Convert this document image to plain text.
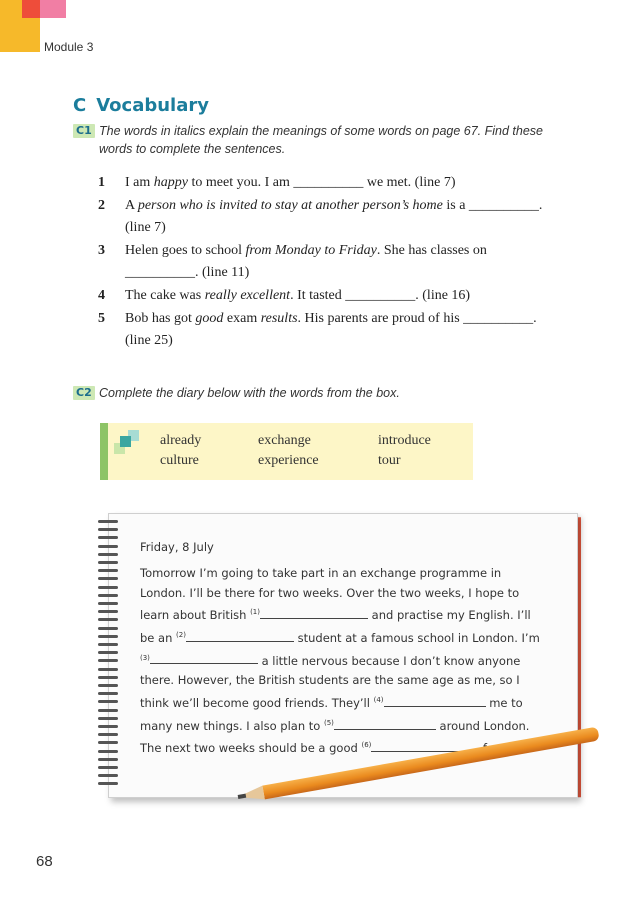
Module 3
C Vocabulary
C1 The words in italics explain the meanings of some words on page 67. Find these words to complete the sentences.
1 I am happy to meet you. I am __________ we met. (line 7)
2 A person who is invited to stay at another person’s home is a __________. (line 7)
3 Helen goes to school from Monday to Friday. She has classes on __________. (line 11)
4 The cake was really excellent. It tasted __________. (line 16)
5 Bob has got good exam results. His parents are proud of his __________. (line 25)
C2 Complete the diary below with the words from the box.
already	exchange	introduce
culture	experience	tour
Friday, 8 July
Tomorrow I’m going to take part in an exchange programme in London. I’ll be there for two weeks. Over the two weeks, I hope to learn about British $^{(1)}$	and practise my English. I’ll be an $^{(2)}$	student at a famous school in London. I’m $^{(3)}$	a little nervous because I don’t know anyone there. However, the British students are the same age as me, so I think we’ll become good friends. They’ll $^{(4)}$	me to many new things. I also plan to $^{(5)}$	around London. The next two weeks should be a good $^{(6)}$
68
